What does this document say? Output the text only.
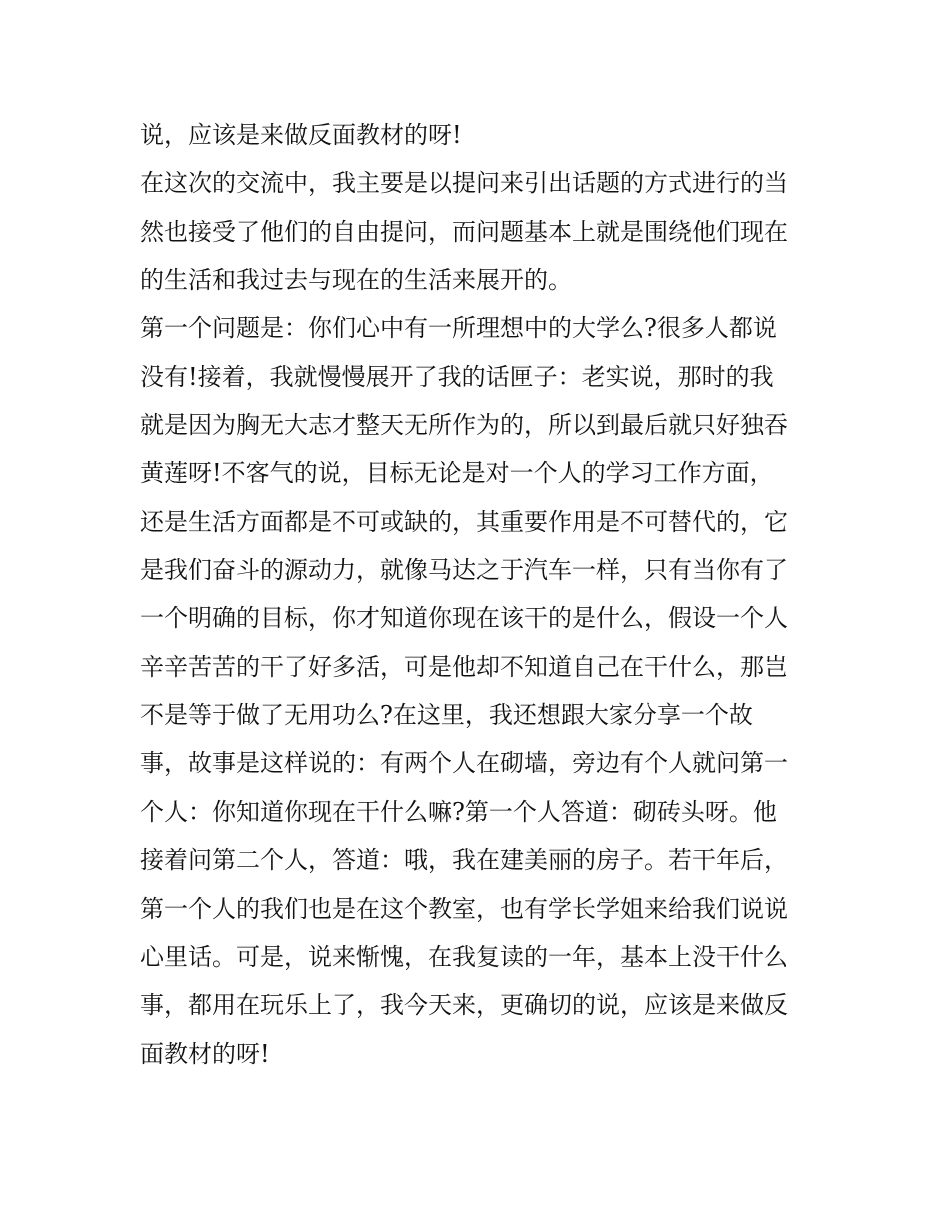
说，应该是来做反面教材的呀!
在这次的交流中，我主要是以提问来引出话题的方式进行的当
然也接受了他们的自由提问，而问题基本上就是围绕他们现在
的生活和我过去与现在的生活来展开的。
第一个问题是：你们心中有一所理想中的大学么?很多人都说
没有!接着，我就慢慢展开了我的话匣子：老实说，那时的我
就是因为胸无大志才整天无所作为的，所以到最后就只好独吞
黄莲呀!不客气的说，目标无论是对一个人的学习工作方面，
还是生活方面都是不可或缺的，其重要作用是不可替代的，它
是我们奋斗的源动力，就像马达之于汽车一样，只有当你有了
一个明确的目标，你才知道你现在该干的是什么，假设一个人
辛辛苦苦的干了好多活，可是他却不知道自己在干什么，那岂
不是等于做了无用功么?在这里，我还想跟大家分享一个故
事，故事是这样说的：有两个人在砌墙，旁边有个人就问第一
个人：你知道你现在干什么嘛?第一个人答道：砌砖头呀。他
接着问第二个人，答道：哦，我在建美丽的房子。若干年后，
第一个人的我们也是在这个教室，也有学长学姐来给我们说说
心里话。可是，说来惭愧，在我复读的一年，基本上没干什么
事，都用在玩乐上了，我今天来，更确切的说，应该是来做反
面教材的呀!
